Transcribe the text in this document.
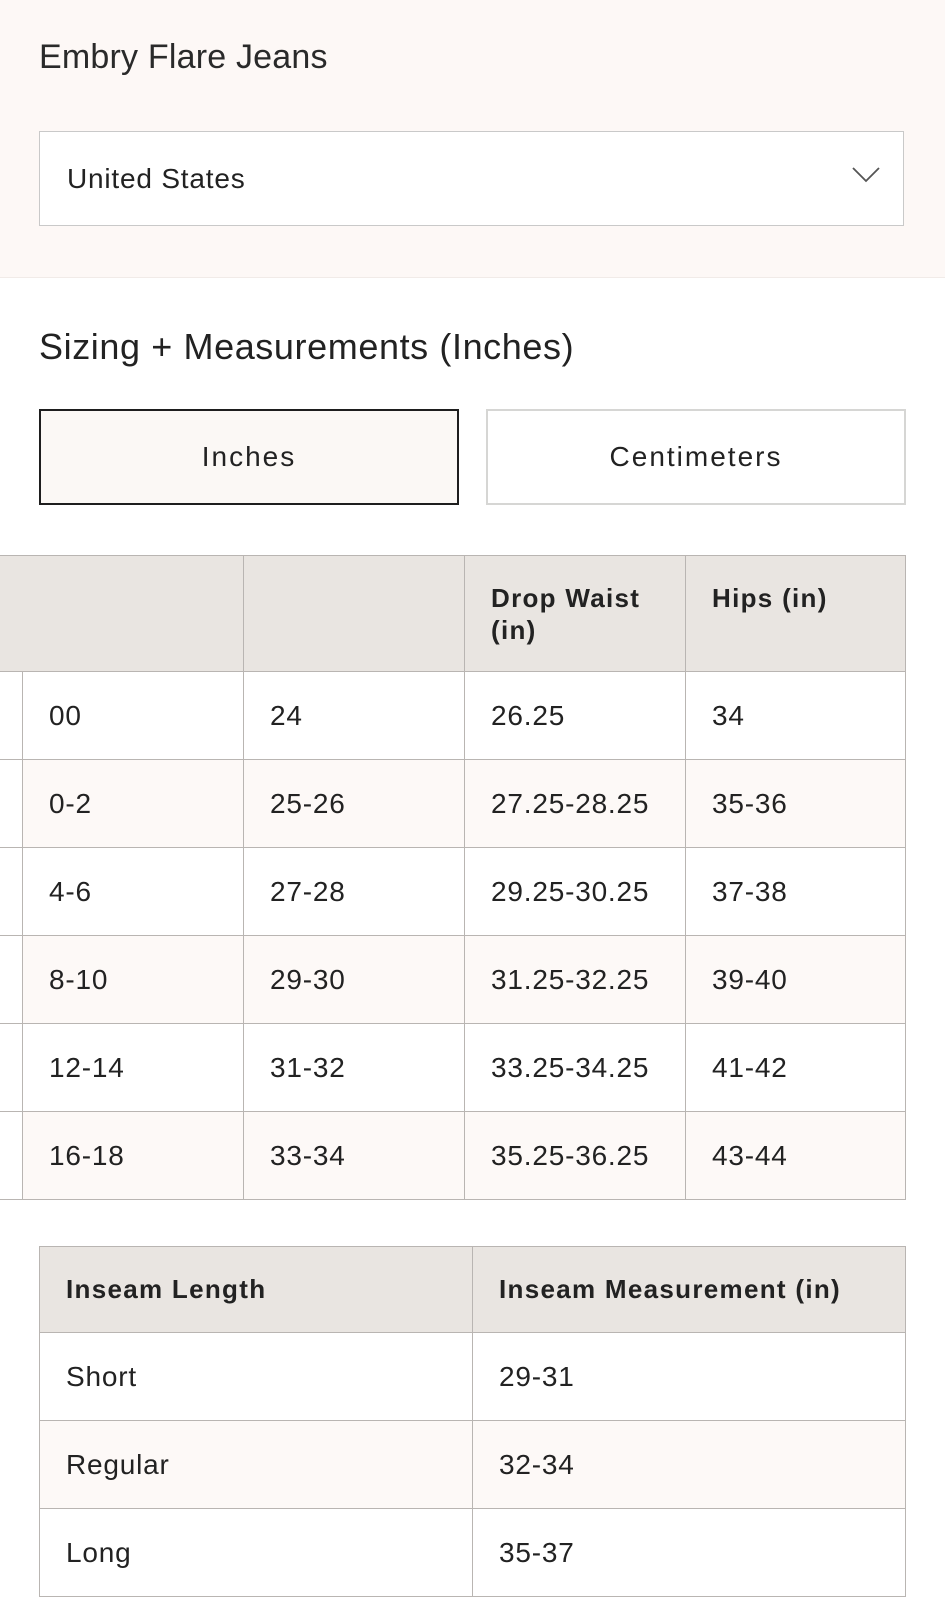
Embry Flare Jeans
United States
Sizing + Measurements (Inches)
Inches	Centimeters

			Drop Waist (in)	Hips (in)
	00	24	26.25	34
	0-2	25-26	27.25-28.25	35-36
	4-6	27-28	29.25-30.25	37-38
	8-10	29-30	31.25-32.25	39-40
	12-14	31-32	33.25-34.25	41-42
	16-18	33-34	35.25-36.25	43-44
Inseam Length	Inseam Measurement (in)
Short	29-31
Regular	32-34
Long	35-37
